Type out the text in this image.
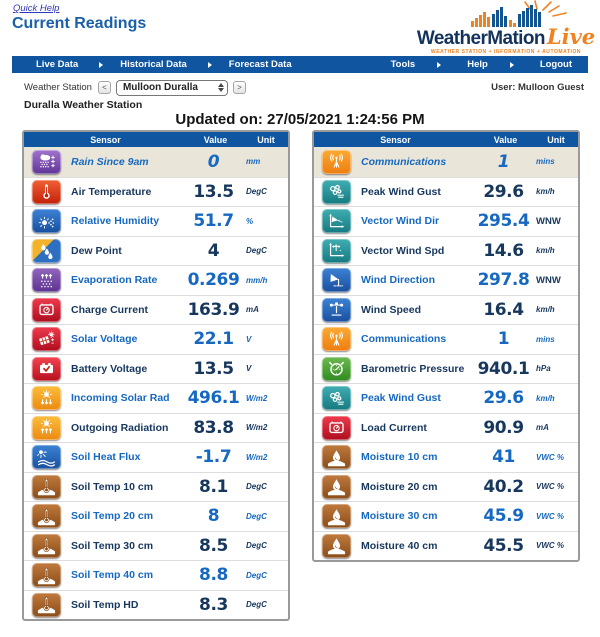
Quick Help
Current Readings
WeatherMation Live
WEATHER STATION + INFORMATION + AUTOMATION
Live Data	Historical Data	Forecast Data	Tools	Help	Logout
Weather Station	<	Mulloon Duralla	>	User: Mulloon Guest
Duralla Weather Station
Updated on: 27/05/2021 1:24:56 PM
Sensor	Value	Unit
Rain Since 9am	0	mm
Air Temperature	13.5	DegC
Relative Humidity	51.7	%
Dew Point	4	DegC
Evaporation Rate	0.269 mm/h
Charge Current	163.9 mA
Solar Voltage	22.1	V
Battery Voltage	13.5	V
Incoming Solar Rad	496.1 W/m2
Outgoing Radiation	83.8	W/m2
Soil Heat Flux	-1.7	W/m2
Soil Temp 10 cm	8.1	DegC
Soil Temp 20 cm	8	DegC
Soil Temp 30 cm	8.5	DegC
Soil Temp 40 cm	8.8	DegC
Soil Temp HD	8.3	DegC
Sensor	Value	Unit
Communications	1	mins
Peak Wind Gust	29.6	km/h
Vector Wind Dir	295.4 WNW
Vector Wind Spd	14.6	km/h
Wind Direction	297.8 WNW
Wind Speed	16.4	km/h
Communications	1	mins
Barometric Pressure 940.1 hPa
Peak Wind Gust	29.6	km/h
Load Current	90.9	mA
Moisture 10 cm	41	VWC %
Moisture 20 cm	40.2	VWC %
Moisture 30 cm	45.9	VWC %
Moisture 40 cm	45.5	VWC %
